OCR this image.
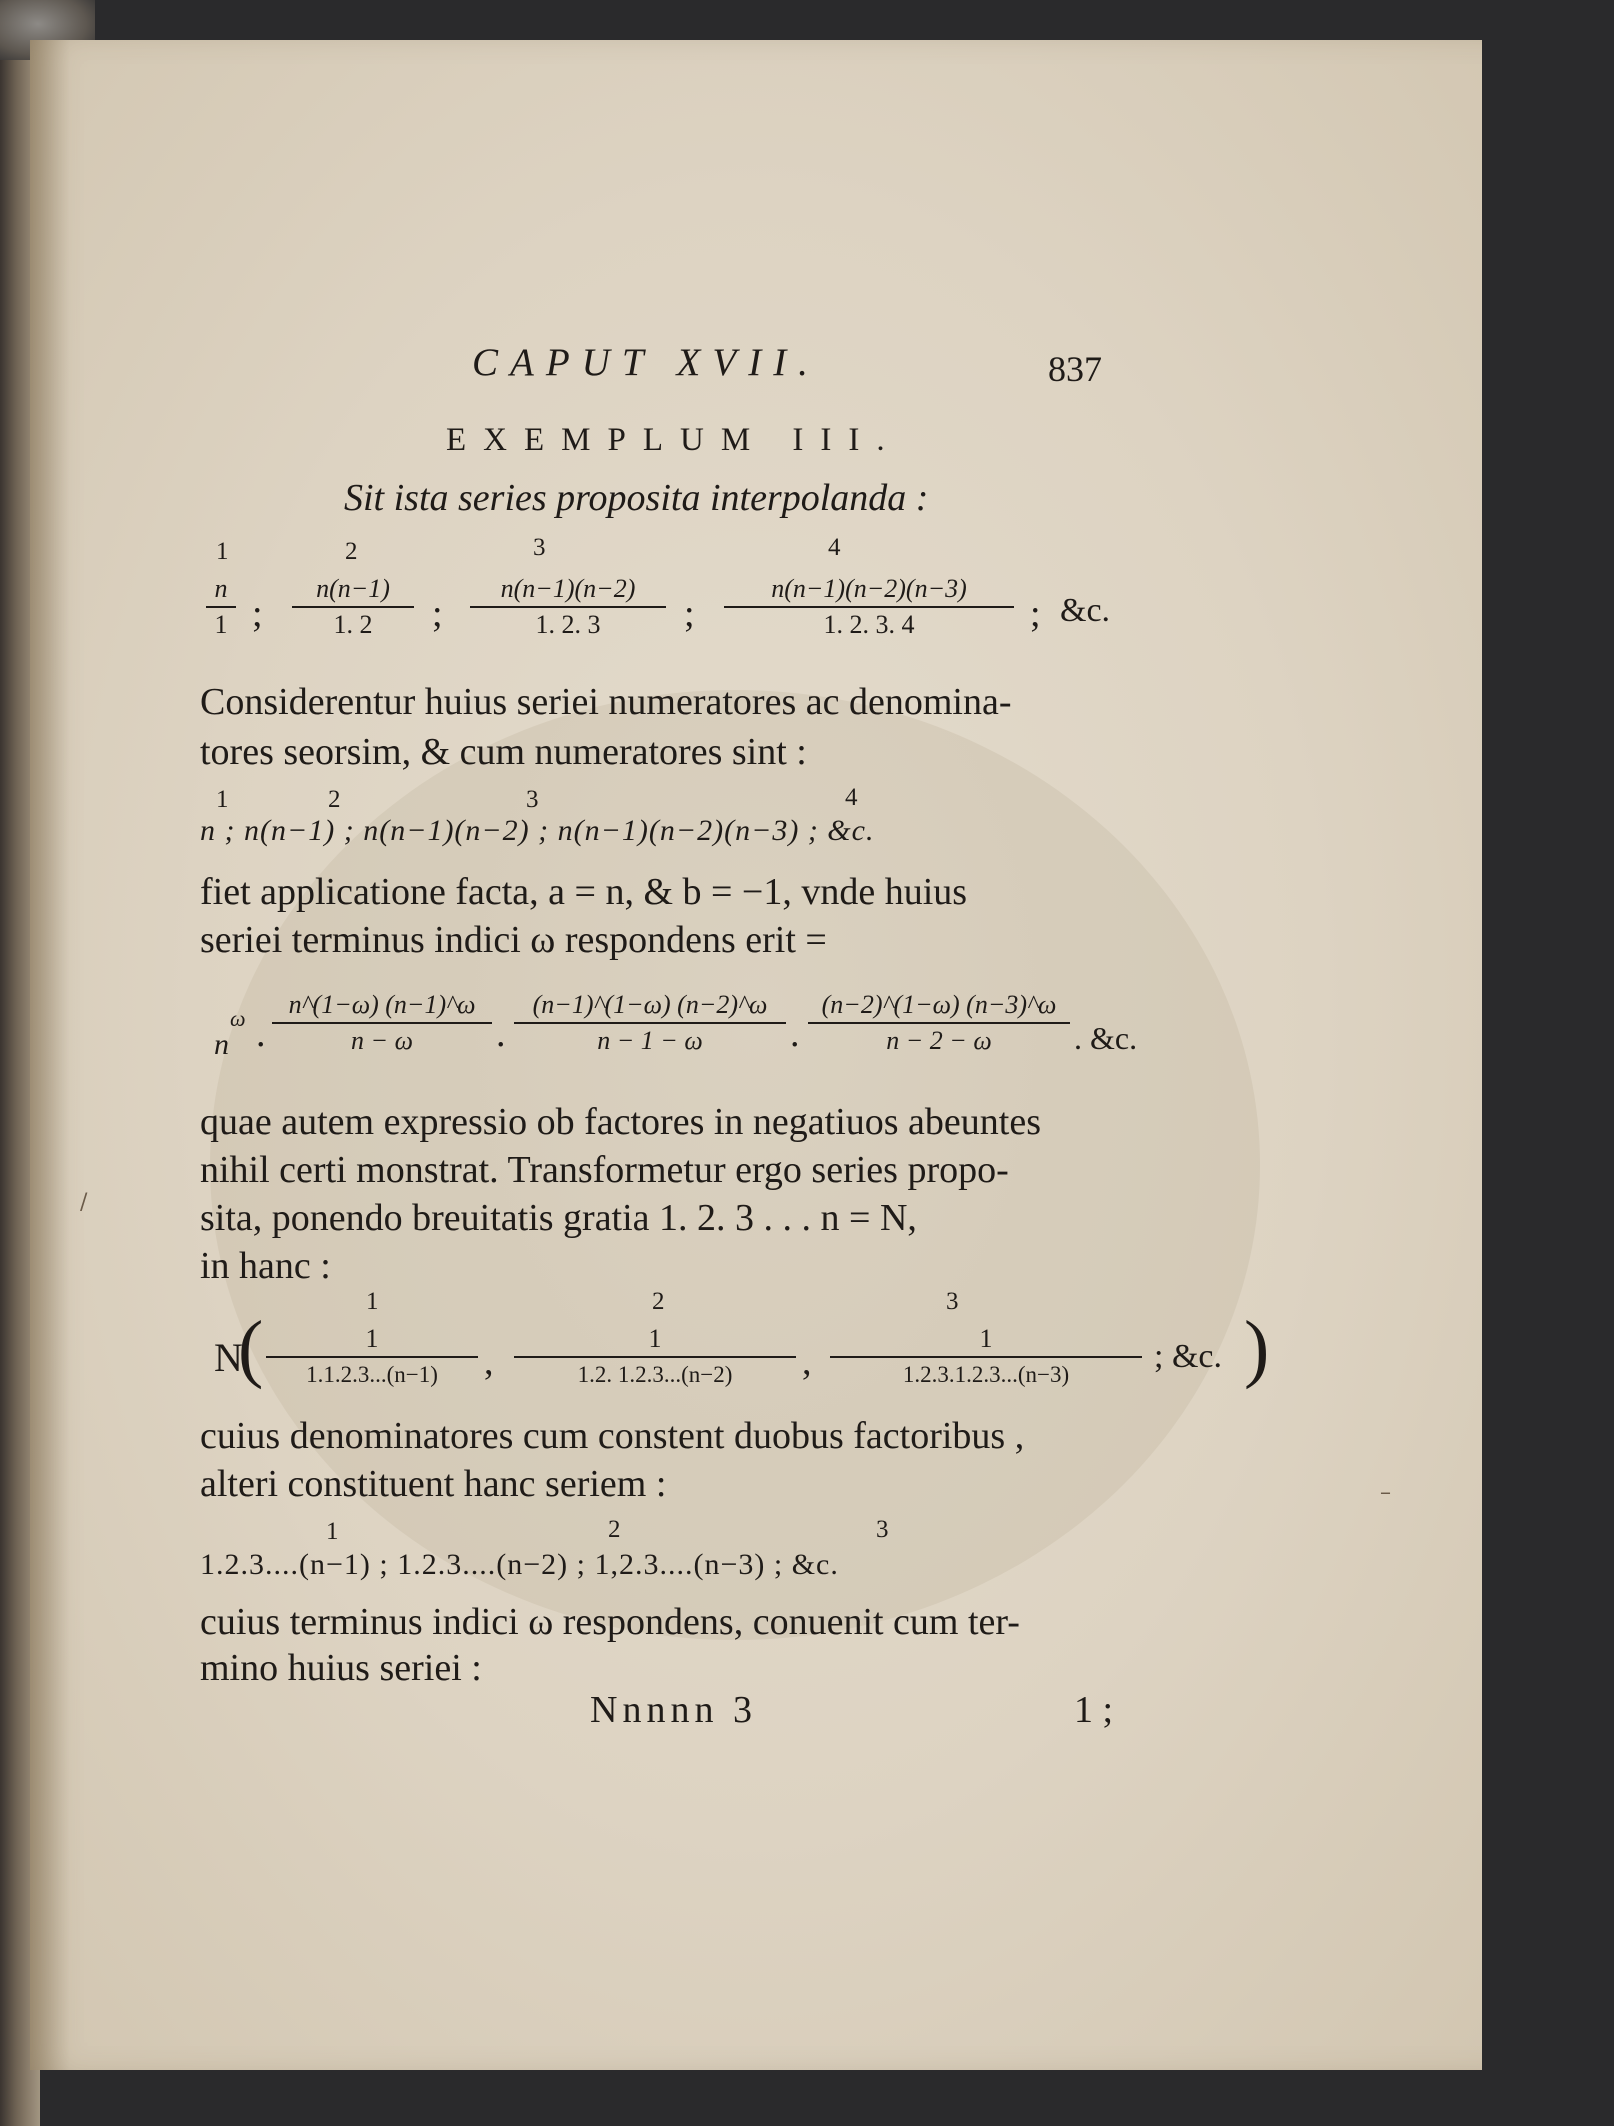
CAPUT XVII.	837
EXEMPLUM III.
Sit ista series proposita interpolanda :
1	2	3	4
n
1 ;
n(n−1)
1. 2	;
n(n−1)(n−2)
1. 2. 3	;
n(n−1)(n−2)(n−3)
1. 2. 3. 4	; &c.
Considerentur huius seriei numeratores ac denomina-
tores seorsim, & cum numeratores sint :
1	2	3	4
n ; n(n−1) ; n(n−1)(n−2) ; n(n−1)(n−2)(n−3) ; &c.
fiet applicatione facta, a = n, & b = −1, vnde huius
seriei terminus indici ω respondens erit =
n
ω .
n^(1−ω) (n−1)^ω
n − ω	.
(n−1)^(1−ω) (n−2)^ω
n − 1 − ω	.
(n−2)^(1−ω) (n−3)^ω
n − 2 − ω	. &c.
quae autem expressio ob factores in negatiuos abeuntes
nihil certi monstrat. Transformetur ergo series propo-
sita, ponendo breuitatis gratia 1. 2. 3 . . . n = N,
in hanc :
1	2	3
N
(	1
1.1.2.3...(n−1)	,
1
1.2. 1.2.3...(n−2)	,
1
1.2.3.1.2.3...(n−3)	; &c. )
cuius denominatores cum constent duobus factoribus ,
alteri constituent hanc seriem :
1	2	3
1.2.3....(n−1) ; 1.2.3....(n−2) ; 1,2.3....(n−3) ; &c.
cuius terminus indici ω respondens, conuenit cum ter-
mino huius seriei :
Nnnnn 3	1 ;
–
/
